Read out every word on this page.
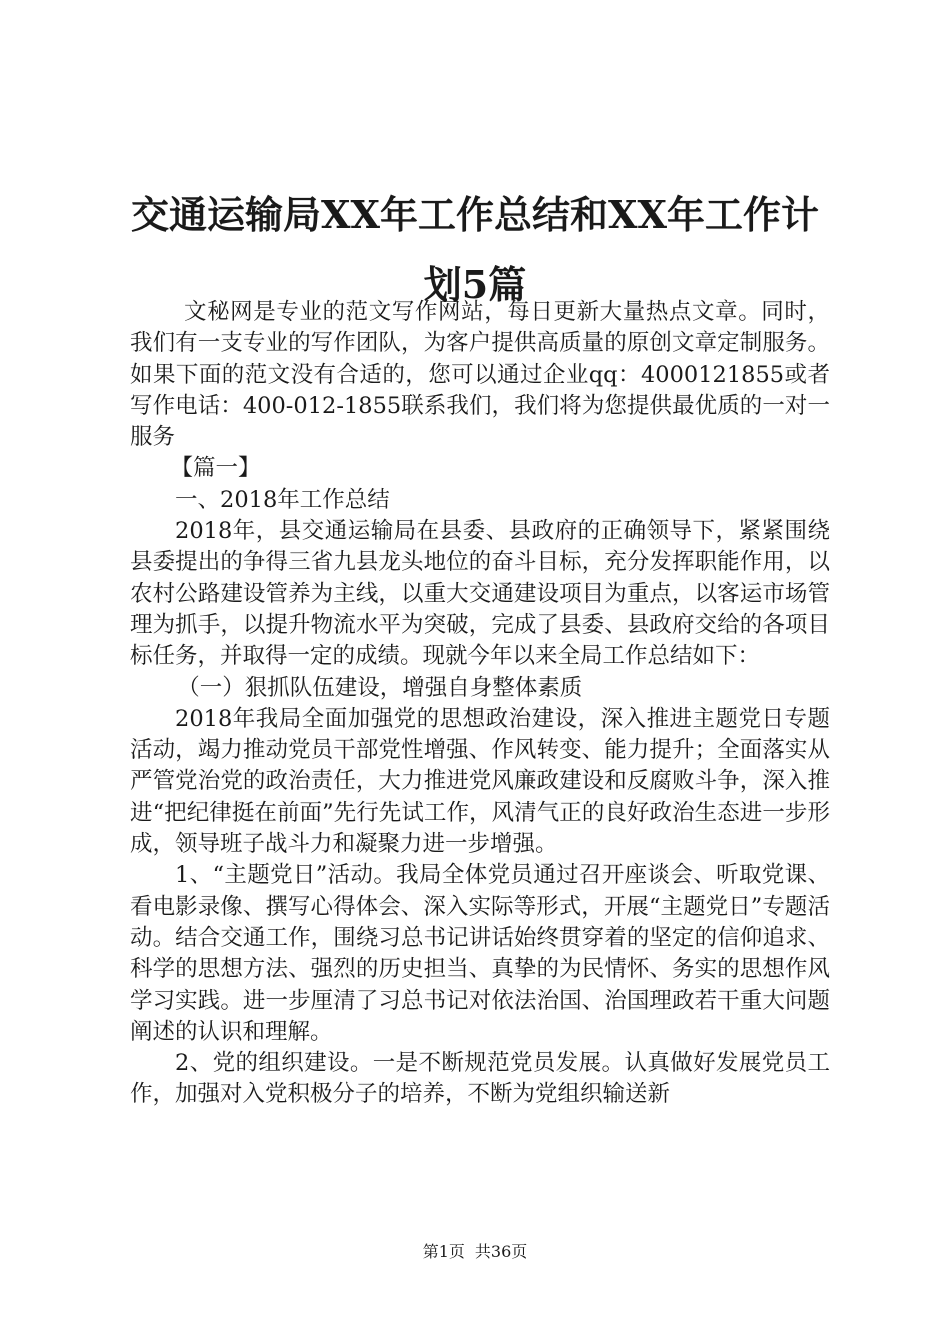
交通运输局XX年工作总结和XX年工作计划5篇

文秘网是专业的范文写作网站，每日更新大量热点文章。同时，我们有一支专业的写作团队，为客户提供高质量的原创文章定制服务。如果下面的范文没有合适的，您可以通过企业qq：4000121855或者写作电话：400-012-1855联系我们，我们将为您提供最优质的一对一服务

【篇一】

一、2018年工作总结

2018年，县交通运输局在县委、县政府的正确领导下，紧紧围绕县委提出的争得三省九县龙头地位的奋斗目标，充分发挥职能作用，以农村公路建设管养为主线，以重大交通建设项目为重点，以客运市场管理为抓手，以提升物流水平为突破，完成了县委、县政府交给的各项目标任务，并取得一定的成绩。现就今年以来全局工作总结如下：

（一）狠抓队伍建设，增强自身整体素质

2018年我局全面加强党的思想政治建设，深入推进主题党日专题活动，竭力推动党员干部党性增强、作风转变、能力提升；全面落实从严管党治党的政治责任，大力推进党风廉政建设和反腐败斗争，深入推进“把纪律挺在前面”先行先试工作，风清气正的良好政治生态进一步形成，领导班子战斗力和凝聚力进一步增强。

1、“主题党日”活动。我局全体党员通过召开座谈会、听取党课、看电影录像、撰写心得体会、深入实际等形式，开展“主题党日”专题活动。结合交通工作，围绕习总书记讲话始终贯穿着的坚定的信仰追求、科学的思想方法、强烈的历史担当、真挚的为民情怀、务实的思想作风学习实践。进一步厘清了习总书记对依法治国、治国理政若干重大问题阐述的认识和理解。

2、党的组织建设。一是不断规范党员发展。认真做好发展党员工作，加强对入党积极分子的培养，不断为党组织输送新

第1页 共36页
